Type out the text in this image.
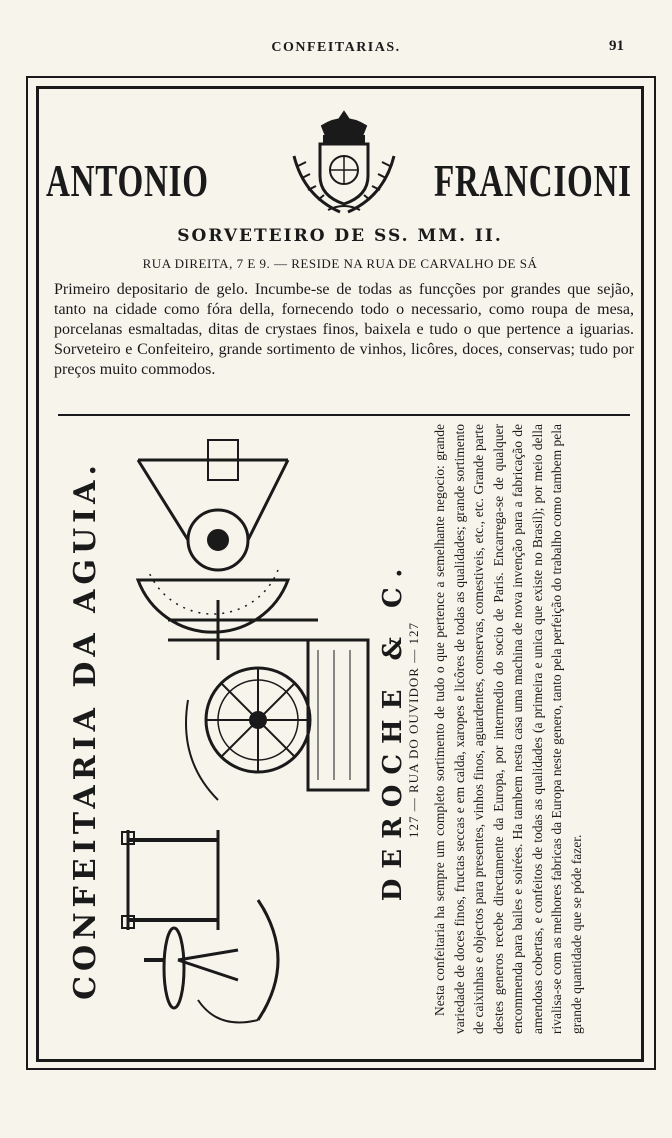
CONFEITARIAS.	91
ANTONIO	FRANCIONI
SORVETEIRO DE SS. MM. II.
RUA DIREITA, 7 E 9. — RESIDE NA RUA DE CARVALHO DE SÁ

Primeiro depositario de gelo. Incumbe-se de todas as funcções por grandes que sejão, tanto na cidade como fóra della, fornecendo todo o necessario, como roupa de mesa, porcelanas esmaltadas, ditas de crystaes finos, baixela e tudo o que pertence a iguarias. Sorveteiro e Confeiteiro, grande sortimento de vinhos, licôres, doces, conservas; tudo por preços muito commodos.

CONFEITARIA DA AGUIA.	DEROCHE & C.
127 — RUA DO OUVIDOR — 127 Nesta confeitaria ha sempre um completo sortimento de tudo o que pertence a semelhante negocio: grande variedade de doces finos, fructas seccas e em calda, xaropes e licôres de todas as qualidades; grande sortimento de caixinhas e objectos para presentes, vinhos finos, aguardentes, conservas, comestiveis, etc., etc. Grande parte destes generos recebe directamente da Europa, por intermedio do socio de Paris. Encarrega-se de qualquer encommenda para bailes e soirées. Ha tambem nesta casa uma machina de nova invenção para a fabricação de amendoas cobertas, e confeitos de todas as qualidades (a primeira e unica que existe no Brasil); por meio della rivalisa-se com as melhores fabricas da Europa neste genero, tanto pela perfeição do trabalho como tambem pela grande quantidade que se póde fazer.
